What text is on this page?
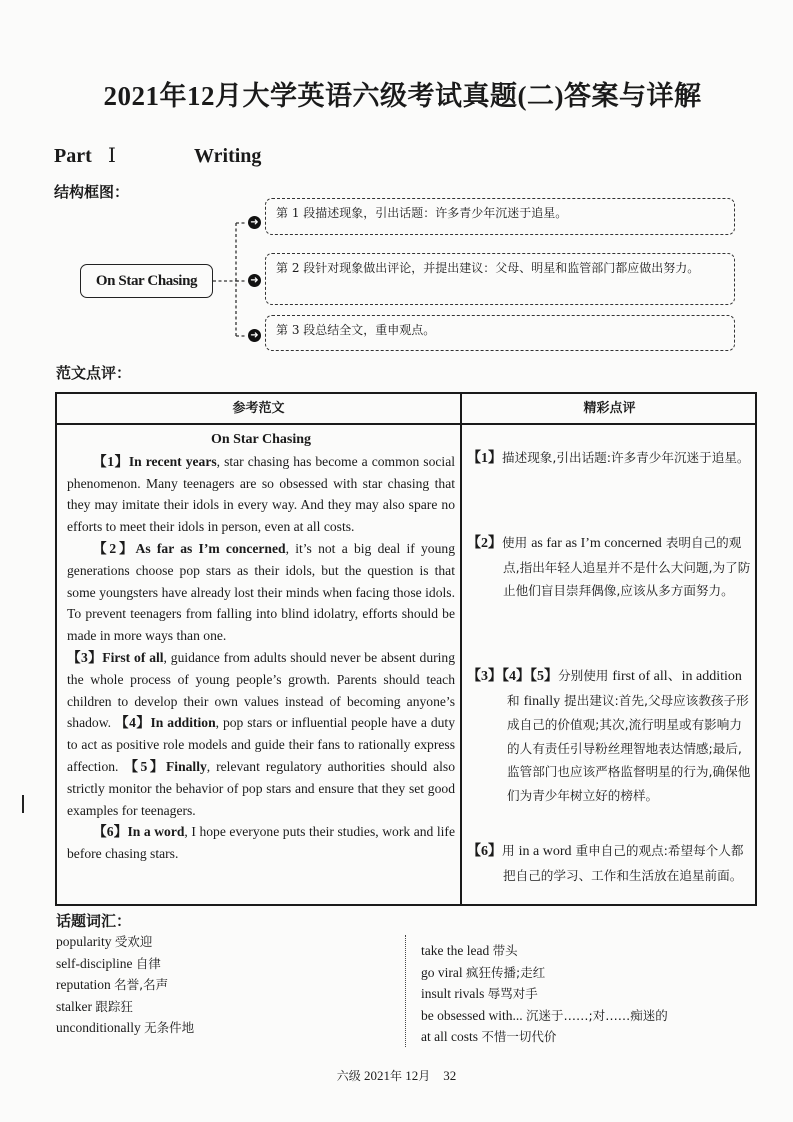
2021年12月大学英语六级考试真题(二)答案与详解
Part Ⅰ	Writing
结构框图：
On Star Chasing
➜
➜
➜
第 1 段描述现象，引出话题：许多青少年沉迷于追星。
第 2 段针对现象做出评论，并提出建议：父母、明星和监管部门都应做出努力。
第 3 段总结全文，重申观点。
范文点评：
参考范文	精彩点评

On Star Chasing

【1】In recent years, star chasing has become a common social phenomenon. Many teenagers are so obsessed with star chasing that they may imitate their idols in every way. And they may also spare no efforts to meet their idols in person, even at all costs.

【2】As far as I’m concerned, it’s not a big deal if young generations choose pop stars as their idols, but the question is that some youngsters have already lost their minds when facing those idols. To prevent teenagers from falling into blind idolatry, efforts should be made in more ways than one.

【3】First of all, guidance from adults should never be absent during the whole process of young people’s growth. Parents should teach children to develop their own values instead of becoming anyone’s shadow. 【4】In addition, pop stars or influential people have a duty to act as positive role models and guide their fans to rationally express affection. 【5】Finally, relevant regulatory authorities should also strictly monitor the behavior of pop stars and ensure that they set good examples for teenagers.

【6】In a word, I hope everyone puts their studies, work and life before chasing stars.

【1】描述现象,引出话题:许多青少年沉迷于追星。
【2】使用 as far as I’m concerned 表明自己的观点,指出年轻人追星并不是什么大问题,为了防止他们盲目崇拜偶像,应该从多方面努力。
【3】【4】【5】分别使用 first of all、in addition 和 finally 提出建议:首先,父母应该教孩子形成自己的价值观;其次,流行明星或有影响力的人有责任引导粉丝理智地表达情感;最后,监管部门也应该严格监督明星的行为,确保他们为青少年树立好的榜样。
【6】用 in a word 重申自己的观点:希望每个人都把自己的学习、工作和生活放在追星前面。
话题词汇：
popularity 受欢迎
self-discipline 自律
reputation 名誉,名声
stalker 跟踪狂
unconditionally 无条件地
take the lead 带头
go viral 疯狂传播;走红
insult rivals 辱骂对手
be obsessed with... 沉迷于……;对……痴迷的
at all costs 不惜一切代价
六级 2021年 12月 32
